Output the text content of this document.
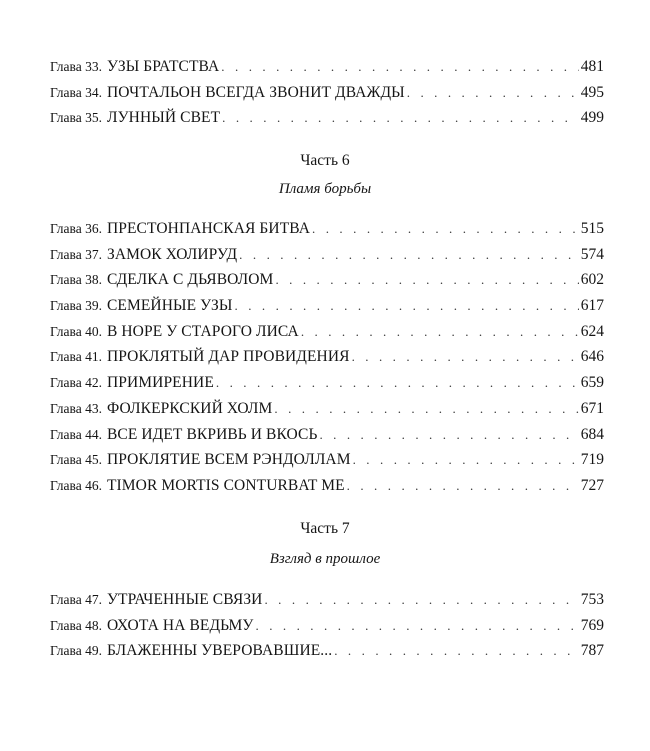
Глава 33. УЗЫ БРАТСТВА . . .	481
Глава 34. ПОЧТАЛЬОН ВСЕГДА ЗВОНИТ ДВАЖДЫ . . .	495
Глава 35. ЛУННЫЙ СВЕТ . . .	499
Часть 6
Пламя борьбы
Глава 36. ПРЕСТОНПАНСКАЯ БИТВА . . .	515
Глава 37. ЗАМОК ХОЛИРУД . . .	574
Глава 38. СДЕЛКА С ДЬЯВОЛОМ . . .	602
Глава 39. СЕМЕЙНЫЕ УЗЫ . . .	617
Глава 40. В НОРЕ У СТАРОГО ЛИСА . . .	624
Глава 41. ПРОКЛЯТЫЙ ДАР ПРОВИДЕНИЯ . . .	646
Глава 42. ПРИМИРЕНИЕ . . .	659
Глава 43. ФОЛКЕРКСКИЙ ХОЛМ . . .	671
Глава 44. ВСЕ ИДЕТ ВКРИВЬ И ВКОСЬ . . .	684
Глава 45. ПРОКЛЯТИЕ ВСЕМ РЭНДОЛЛАМ . . .	719
Глава 46. TIMOR MORTIS CONTURBAT ME . . .	727
Часть 7
Взгляд в прошлое
Глава 47. УТРАЧЕННЫЕ СВЯЗИ . . .	753
Глава 48. ОХОТА НА ВЕДЬМУ . . .	769
Глава 49. БЛАЖЕННЫ УВЕРОВАВШИЕ... . . .	787
